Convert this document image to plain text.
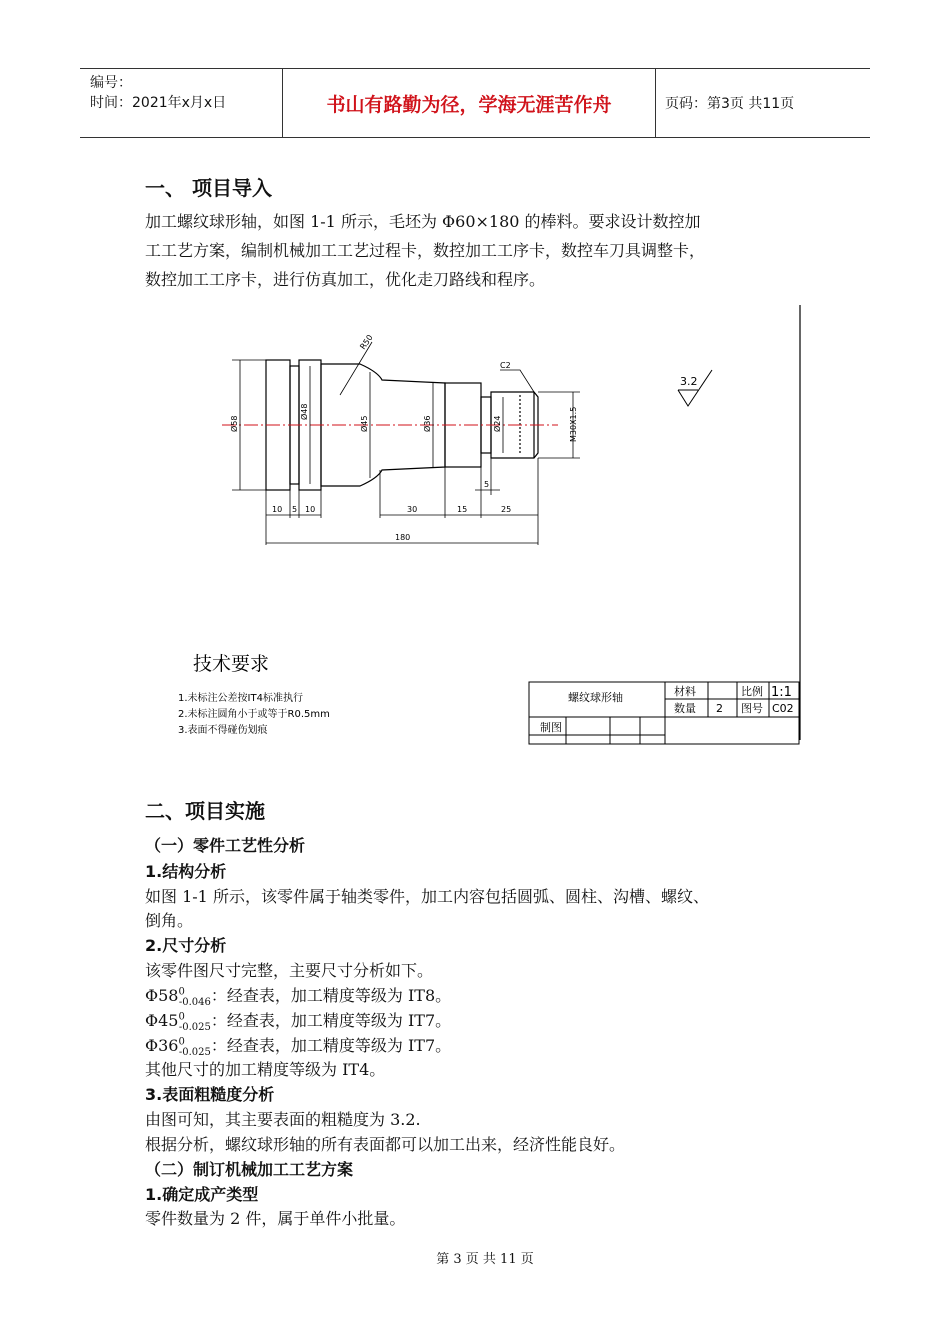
编号：
时间：2021年x月x日	书山有路勤为径，学海无涯苦作舟	页码：第3页 共11页
一、 项目导入
加工螺纹球形轴，如图 1-1 所示，毛坯为 Φ60×180 的棒料。要求设计数控加
工工艺方案，编制机械加工工艺过程卡，数控加工工序卡，数控车刀具调整卡，
数控加工工序卡，进行仿真加工，优化走刀路线和程序。
Ø58
Ø48
Ø45	Ø36	Ø24	M30X1.5
R50
C2
10 5 10	30	15	25
5
180
3.2
技术要求
1.未标注公差按IT4标准执行
2.未标注圆角小于或等于R0.5mm
3.表面不得碰伤划痕
螺纹球形轴	材料	比例 1:1
数量 2 图号 C02
制图
二、项目实施
（一）零件工艺性分析
1.结构分析
如图 1-1 所示，该零件属于轴类零件，加工内容包括圆弧、圆柱、沟槽、螺纹、
倒角。
2.尺寸分析
该零件图尺寸完整，主要尺寸分析如下。
$\Phi 58^0_{-0.046}$：经查表，加工精度等级为 IT8。
$\Phi 45^0_{-0.025}$：经查表，加工精度等级为 IT7。
$\Phi 36^0_{-0.025}$：经查表，加工精度等级为 IT7。
其他尺寸的加工精度等级为 IT4。
3.表面粗糙度分析
由图可知，其主要表面的粗糙度为 3.2.
根据分析，螺纹球形轴的所有表面都可以加工出来，经济性能良好。
（二）制订机械加工工艺方案
1.确定成产类型
零件数量为 2 件，属于单件小批量。
第 3 页 共 11 页
